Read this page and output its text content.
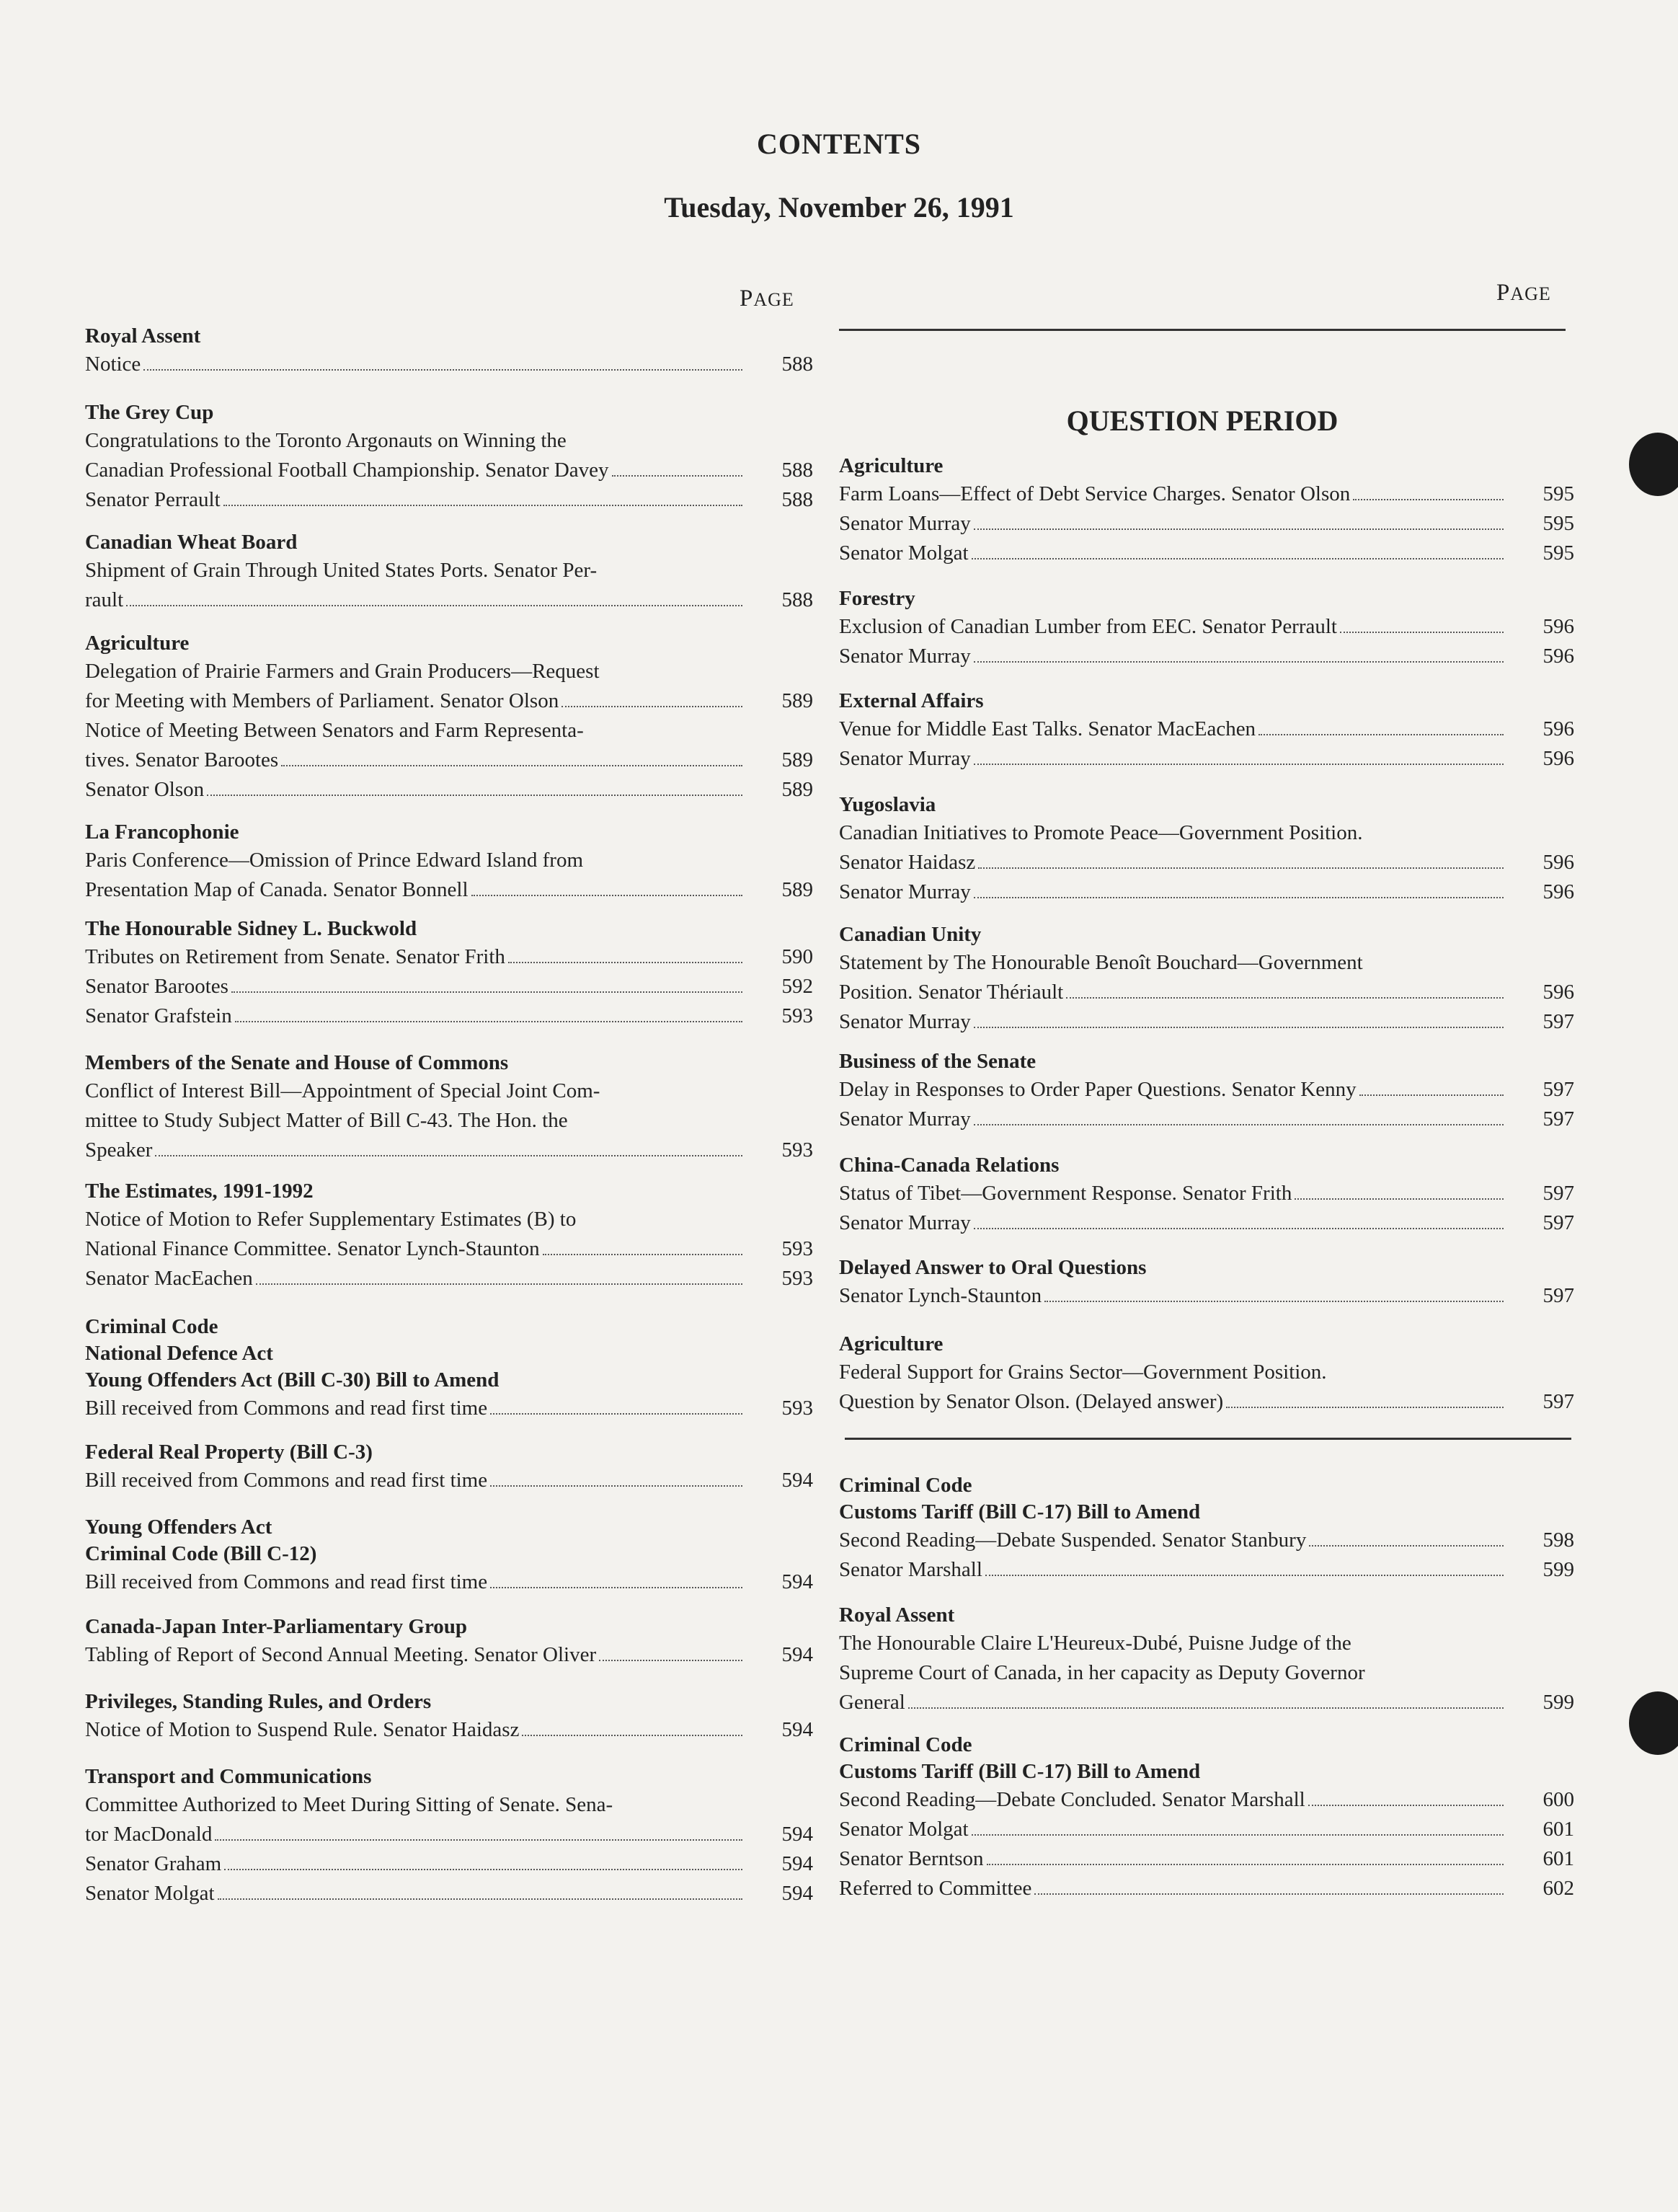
CONTENTS
Tuesday, November 26, 1991
PAGE	PAGE
QUESTION PERIOD
Royal Assent
Notice	588
The Grey Cup
Congratulations to the Toronto Argonauts on Winning the
Canadian Professional Football Championship. Senator Davey	588
Senator Perrault	588
Canadian Wheat Board
Shipment of Grain Through United States Ports. Senator Per-
rault	588
Agriculture
Delegation of Prairie Farmers and Grain Producers—Request
for Meeting with Members of Parliament. Senator Olson	589
Notice of Meeting Between Senators and Farm Representa-
tives. Senator Barootes	589
Senator Olson	589
La Francophonie
Paris Conference—Omission of Prince Edward Island from
Presentation Map of Canada. Senator Bonnell	589
The Honourable Sidney L. Buckwold
Tributes on Retirement from Senate. Senator Frith	590
Senator Barootes	592
Senator Grafstein	593
Members of the Senate and House of Commons
Conflict of Interest Bill—Appointment of Special Joint Com-
mittee to Study Subject Matter of Bill C-43. The Hon. the
Speaker	593
The Estimates, 1991-1992
Notice of Motion to Refer Supplementary Estimates (B) to
National Finance Committee. Senator Lynch-Staunton	593
Senator MacEachen	593
Criminal Code
National Defence Act
Young Offenders Act (Bill C-30) Bill to Amend
Bill received from Commons and read first time	593
Federal Real Property (Bill C-3)
Bill received from Commons and read first time	594
Young Offenders Act
Criminal Code (Bill C-12)
Bill received from Commons and read first time	594
Canada-Japan Inter-Parliamentary Group
Tabling of Report of Second Annual Meeting. Senator Oliver	594
Privileges, Standing Rules, and Orders
Notice of Motion to Suspend Rule. Senator Haidasz	594
Transport and Communications
Committee Authorized to Meet During Sitting of Senate. Sena-
tor MacDonald	594
Senator Graham	594
Senator Molgat	594
Agriculture
Farm Loans—Effect of Debt Service Charges. Senator Olson	595
Senator Murray	595
Senator Molgat	595
Forestry
Exclusion of Canadian Lumber from EEC. Senator Perrault	596
Senator Murray	596
External Affairs
Venue for Middle East Talks. Senator MacEachen	596
Senator Murray	596
Yugoslavia
Canadian Initiatives to Promote Peace—Government Position.
Senator Haidasz	596
Senator Murray	596
Canadian Unity
Statement by The Honourable Benoît Bouchard—Government
Position. Senator Thériault	596
Senator Murray	597
Business of the Senate
Delay in Responses to Order Paper Questions. Senator Kenny	597
Senator Murray	597
China-Canada Relations
Status of Tibet—Government Response. Senator Frith	597
Senator Murray	597
Delayed Answer to Oral Questions
Senator Lynch-Staunton	597
Agriculture
Federal Support for Grains Sector—Government Position.
Question by Senator Olson. (Delayed answer)	597
Criminal Code
Customs Tariff (Bill C-17) Bill to Amend
Second Reading—Debate Suspended. Senator Stanbury	598
Senator Marshall	599
Royal Assent
The Honourable Claire L'Heureux-Dubé, Puisne Judge of the
Supreme Court of Canada, in her capacity as Deputy Governor
General	599
Criminal Code
Customs Tariff (Bill C-17) Bill to Amend
Second Reading—Debate Concluded. Senator Marshall	600
Senator Molgat	601
Senator Berntson	601
Referred to Committee	602
